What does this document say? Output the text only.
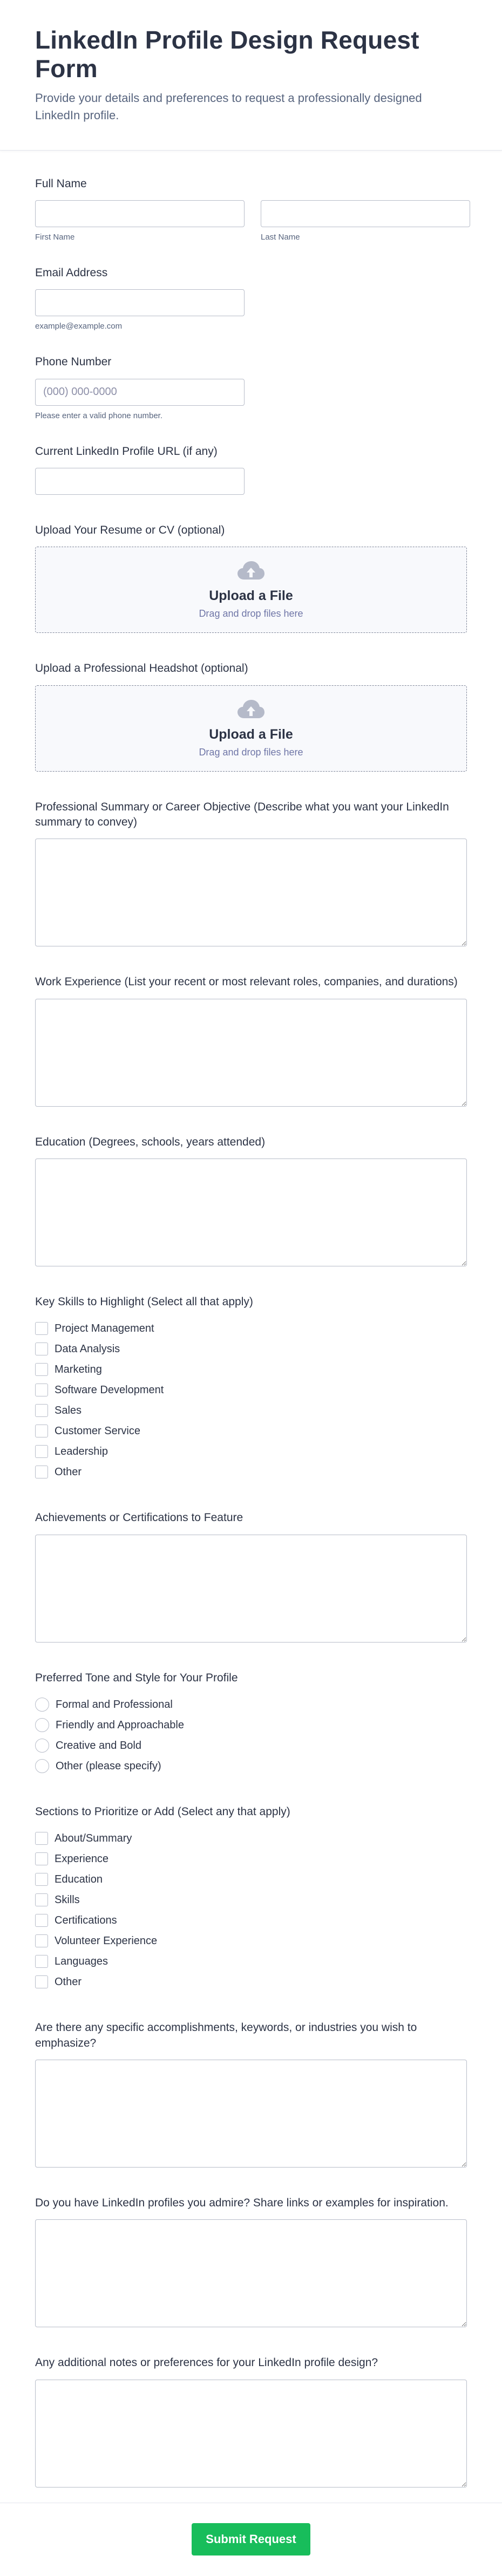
LinkedIn Profile Design Request Form

Provide your details and preferences to request a professionally designed LinkedIn profile.

Full Name
First Name	Last Name
Email Address
example@example.com
Phone Number
(000) 000-0000
Please enter a valid phone number.
Current LinkedIn Profile URL (if any)
Upload Your Resume or CV (optional)
Upload a File
Drag and drop files here
Upload a Professional Headshot (optional)
Upload a File
Drag and drop files here
Professional Summary or Career Objective (Describe what you want your LinkedIn summary to convey)
Work Experience (List your recent or most relevant roles, companies, and durations)
Education (Degrees, schools, years attended)
Key Skills to Highlight (Select all that apply)
Project Management
Data Analysis
Marketing
Software Development
Sales
Customer Service
Leadership
Other
Achievements or Certifications to Feature
Preferred Tone and Style for Your Profile
Formal and Professional
Friendly and Approachable
Creative and Bold
Other (please specify)
Sections to Prioritize or Add (Select any that apply)
About/Summary
Experience
Education
Skills
Certifications
Volunteer Experience
Languages
Other
Are there any specific accomplishments, keywords, or industries you wish to emphasize?
Do you have LinkedIn profiles you admire? Share links or examples for inspiration.
Any additional notes or preferences for your LinkedIn profile design?
Submit Request
